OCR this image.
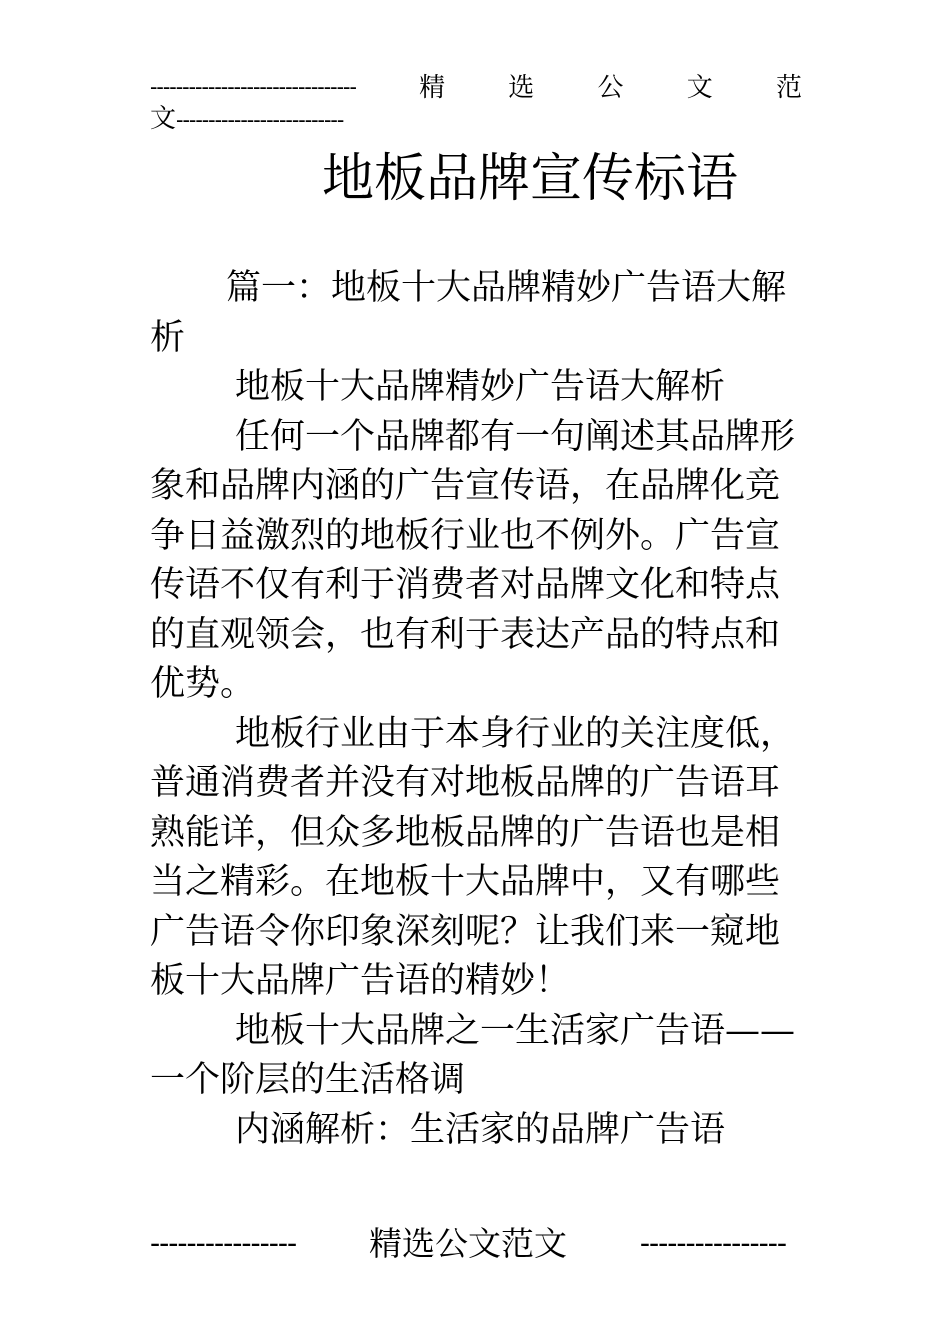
-------------------------------- 精 选 公 文 范
文--------------------------
地板品牌宣传标语

篇一：地板十大品牌精妙广告语大解析

地板十大品牌精妙广告语大解析

任何一个品牌都有一句阐述其品牌形象和品牌内涵的广告宣传语，在品牌化竞争日益激烈的地板行业也不例外。广告宣传语不仅有利于消费者对品牌文化和特点的直观领会，也有利于表达产品的特点和优势。

地板行业由于本身行业的关注度低，普通消费者并没有对地板品牌的广告语耳熟能详，但众多地板品牌的广告语也是相当之精彩。在地板十大品牌中，又有哪些广告语令你印象深刻呢？让我们来一窥地板十大品牌广告语的精妙！

地板十大品牌之一生活家广告语——一个阶层的生活格调

内涵解析：生活家的品牌广告语

---------------- 精选公文范文 ----------------
